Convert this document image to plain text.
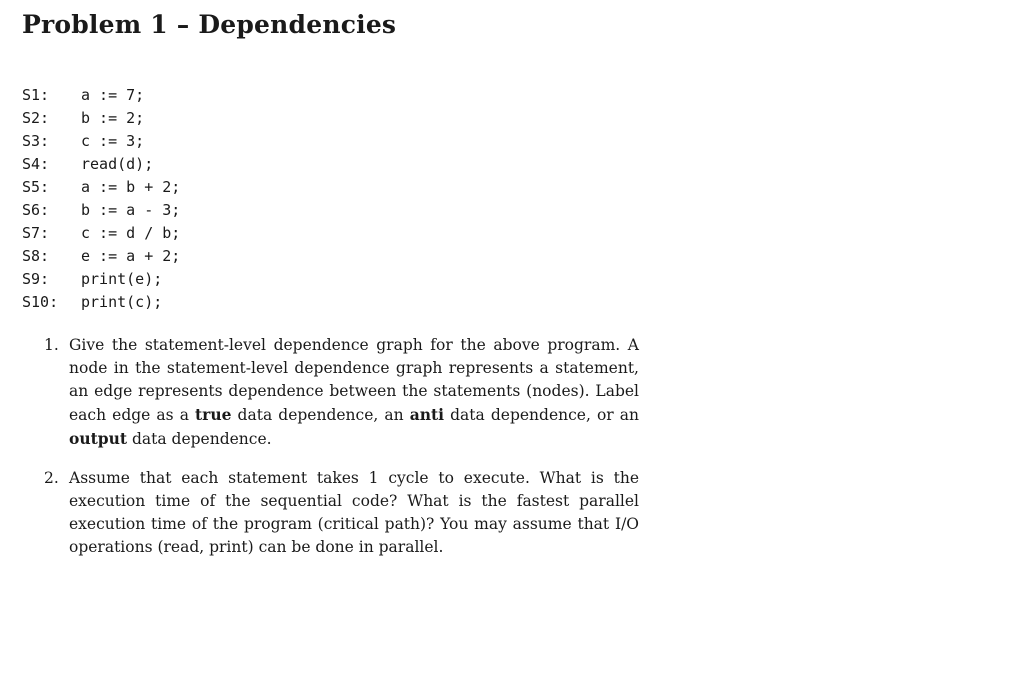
Problem 1 – Dependencies
S1:	a := 7;
S2:	b := 2;
S3:	c := 3;
S4:	read(d);
S5:	a := b + 2;
S6:	b := a - 3;
S7:	c := d / b;
S8:	e := a + 2;
S9:	print(e);
S10:	print(c);
1. Give the statement-level dependence graph for the above program. A node in the statement-level dependence graph represents a statement, an edge represents dependence between the statements (nodes). Label each edge as a true data dependence, an anti data dependence, or an output data dependence.
2. Assume that each statement takes 1 cycle to execute. What is the execution time of the sequential code? What is the fastest parallel execution time of the program (critical path)? You may assume that I/O operations (read, print) can be done in parallel.
